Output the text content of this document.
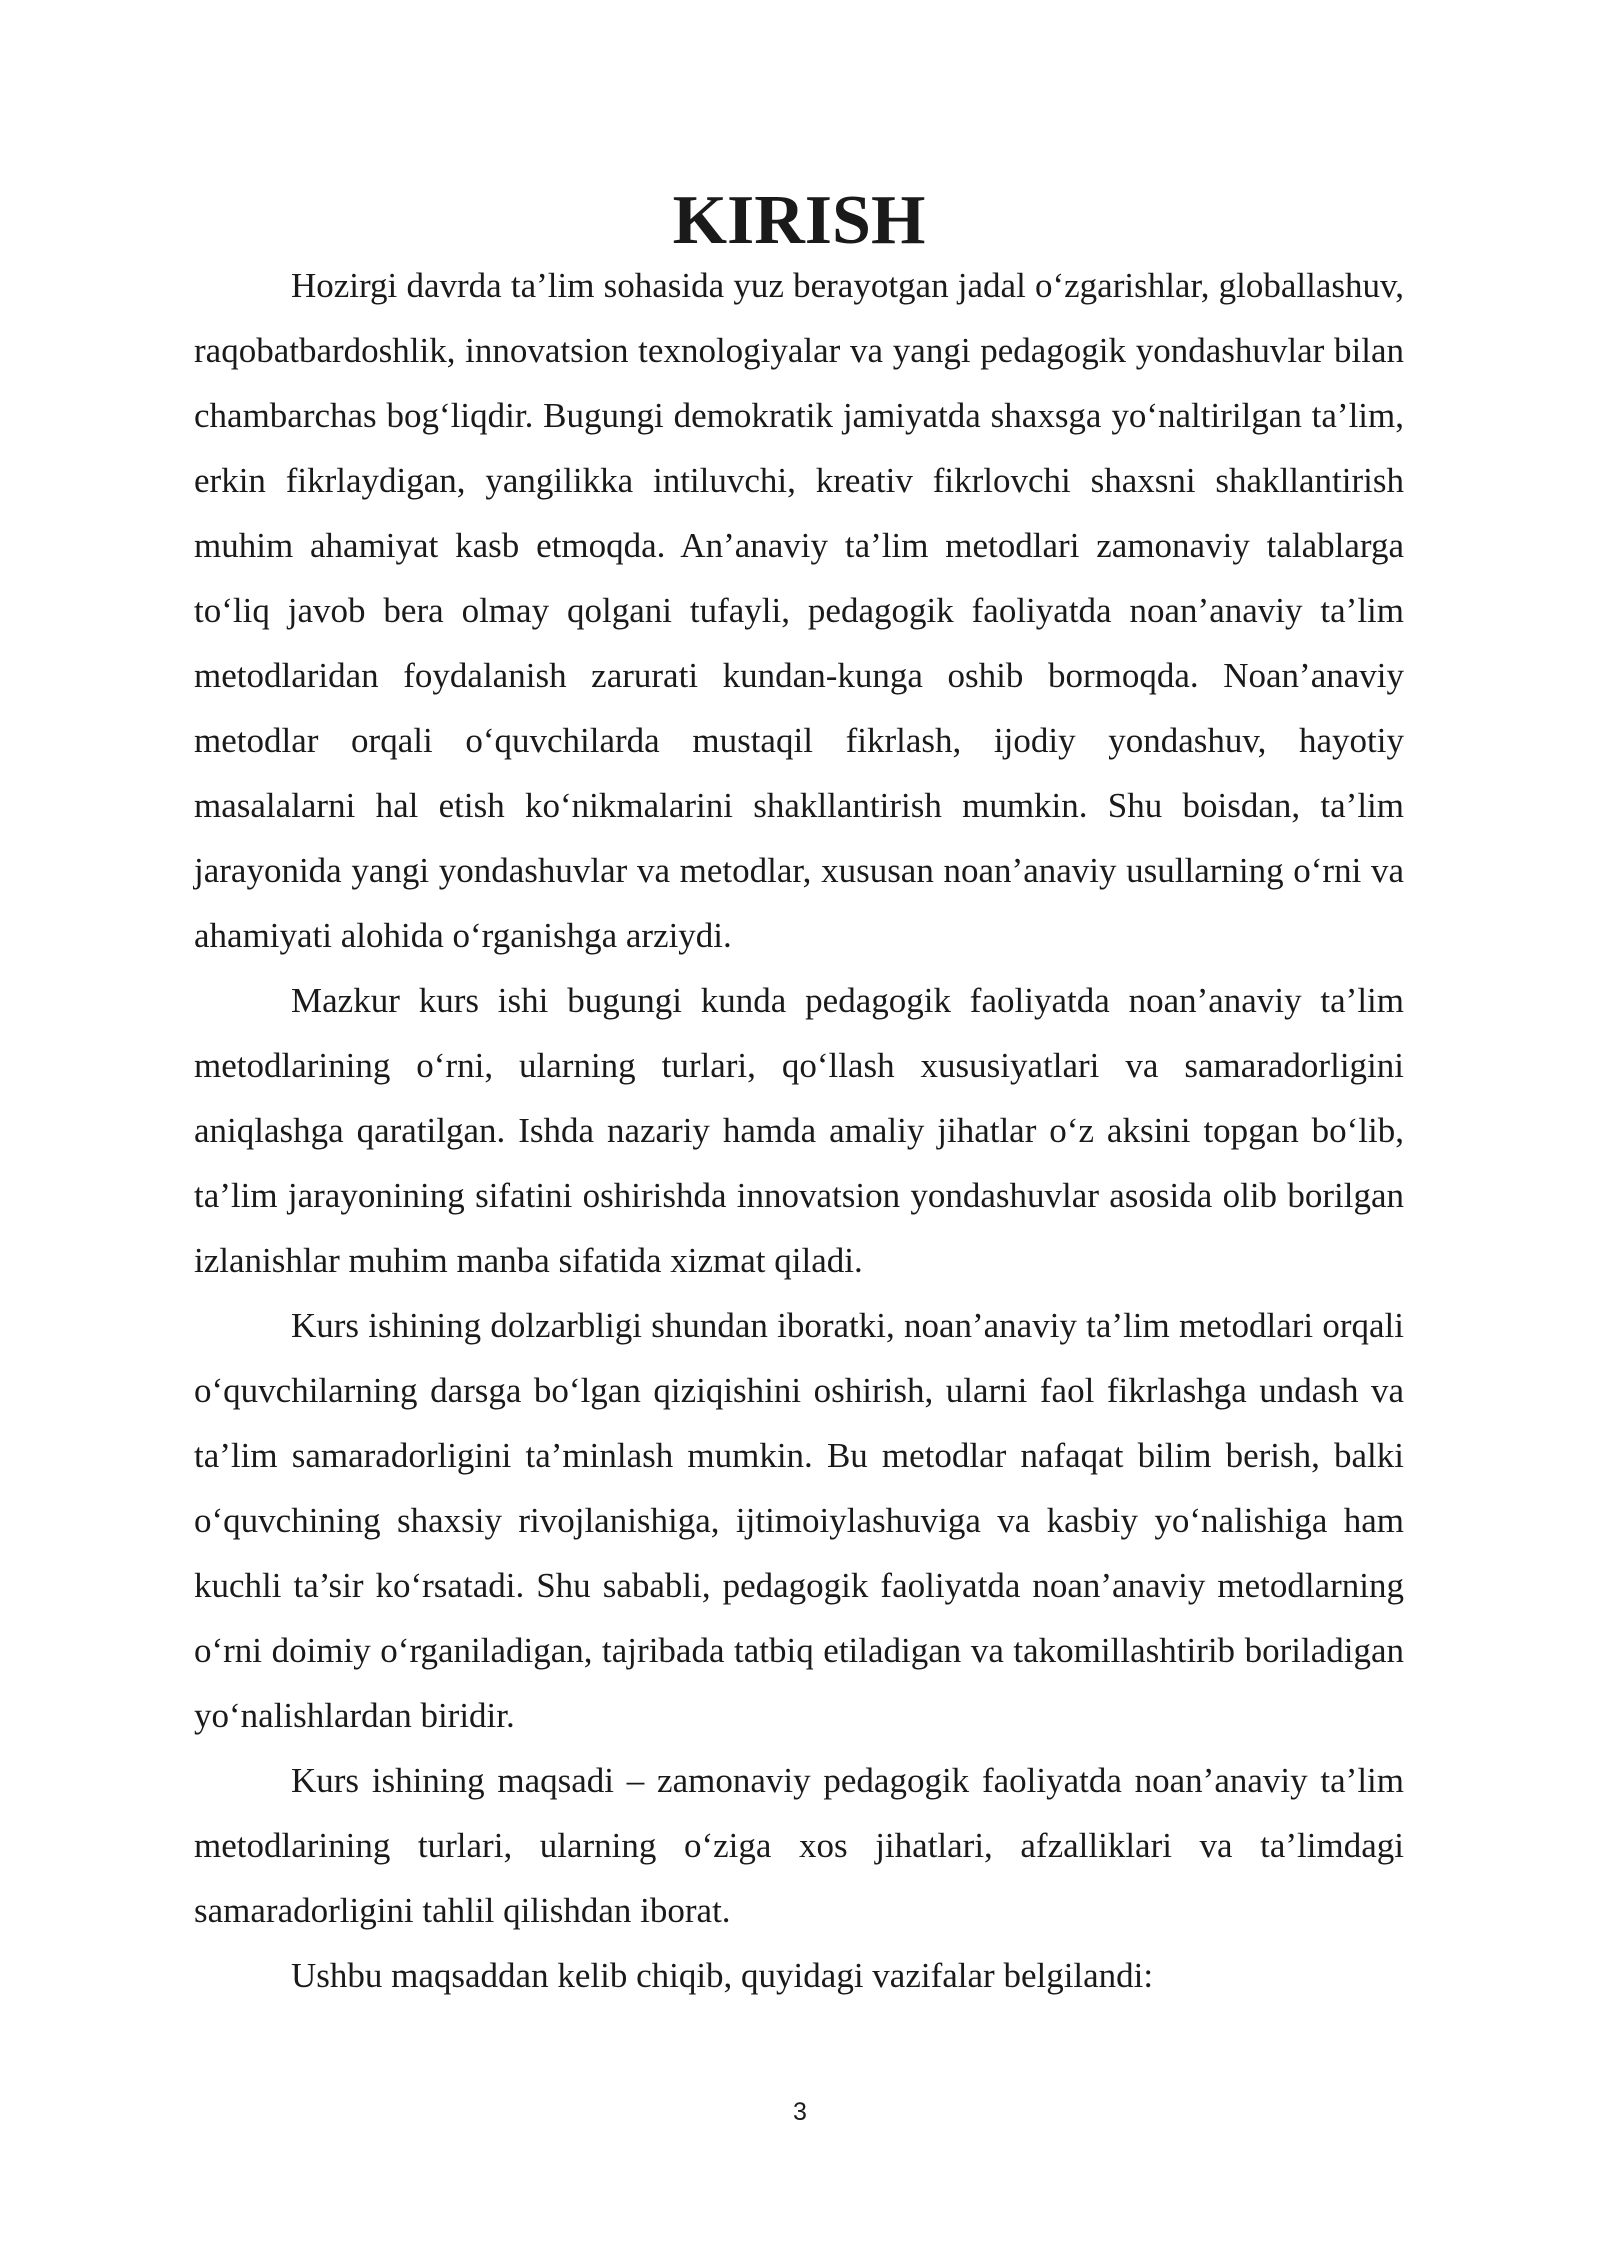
KIRISH

Hozirgi davrda ta’lim sohasida yuz berayotgan jadal o‘zgarishlar, globallashuv, raqobatbardoshlik, innovatsion texnologiyalar va yangi pedagogik yondashuvlar bilan chambarchas bog‘liqdir. Bugungi demokratik jamiyatda shaxsga yo‘naltirilgan ta’lim, erkin fikrlaydigan, yangilikka intiluvchi, kreativ fikrlovchi shaxsni shakllantirish muhim ahamiyat kasb etmoqda. An’anaviy ta’lim metodlari zamonaviy talablarga to‘liq javob bera olmay qolgani tufayli, pedagogik faoliyatda noan’anaviy ta’lim metodlaridan foydalanish zarurati kundan-kunga oshib bormoqda. Noan’anaviy metodlar orqali o‘quvchilarda mustaqil fikrlash, ijodiy yondashuv, hayotiy masalalarni hal etish ko‘nikmalarini shakllantirish mumkin. Shu boisdan, ta’lim jarayonida yangi yondashuvlar va metodlar, xususan noan’anaviy usullarning o‘rni va ahamiyati alohida o‘rganishga arziydi.

Mazkur kurs ishi bugungi kunda pedagogik faoliyatda noan’anaviy ta’lim metodlarining o‘rni, ularning turlari, qo‘llash xususiyatlari va samaradorligini aniqlashga qaratilgan. Ishda nazariy hamda amaliy jihatlar o‘z aksini topgan bo‘lib, ta’lim jarayonining sifatini oshirishda innovatsion yondashuvlar asosida olib borilgan izlanishlar muhim manba sifatida xizmat qiladi.

Kurs ishining dolzarbligi shundan iboratki, noan’anaviy ta’lim metodlari orqali o‘quvchilarning darsga bo‘lgan qiziqishini oshirish, ularni faol fikrlashga undash va ta’lim samaradorligini ta’minlash mumkin. Bu metodlar nafaqat bilim berish, balki o‘quvchining shaxsiy rivojlanishiga, ijtimoiylashuviga va kasbiy yo‘nalishiga ham kuchli ta’sir ko‘rsatadi. Shu sababli, pedagogik faoliyatda noan’anaviy metodlarning o‘rni doimiy o‘rganiladigan, tajribada tatbiq etiladigan va takomillashtirib boriladigan yo‘nalishlardan biridir.

Kurs ishining maqsadi – zamonaviy pedagogik faoliyatda noan’anaviy ta’lim metodlarining turlari, ularning o‘ziga xos jihatlari, afzalliklari va ta’limdagi samaradorligini tahlil qilishdan iborat.

Ushbu maqsaddan kelib chiqib, quyidagi vazifalar belgilandi:

3
